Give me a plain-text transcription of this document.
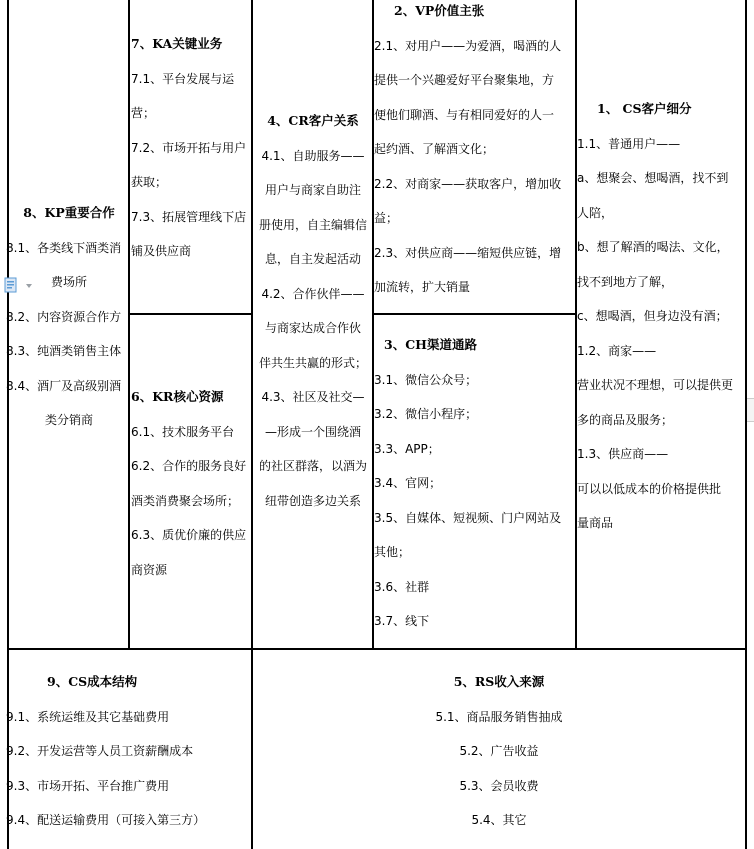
8、KP重要合作

8.1、各类线下酒类消

费场所

8.2、内容资源合作方

8.3、纯酒类销售主体

8.4、酒厂及高级别酒

类分销商

7、KA关键业务

7.1、平台发展与运

营；

7.2、市场开拓与用户

获取；

7.3、拓展管理线下店

铺及供应商

6、KR核心资源

6.1、技术服务平台

6.2、合作的服务良好

酒类消费聚会场所；

6.3、质优价廉的供应

商资源

4、CR客户关系

4.1、自助服务——

用户与商家自助注

册使用，自主编辑信

息，自主发起活动

4.2、合作伙伴——

与商家达成合作伙

伴共生共赢的形式；

4.3、社区及社交—

—形成一个围绕酒

的社区群落，以酒为

纽带创造多边关系

2、VP价值主张

2.1、对用户——为爱酒，喝酒的人

提供一个兴趣爱好平台聚集地，方

便他们聊酒、与有相同爱好的人一

起约酒、了解酒文化；

2.2、对商家——获取客户，增加收

益；

2.3、对供应商——缩短供应链，增

加流转，扩大销量

3、CH渠道通路

3.1、微信公众号；

3.2、微信小程序；

3.3、APP；

3.4、官网；

3.5、自媒体、短视频、门户网站及

其他；

3.6、社群

3.7、线下

1、 CS客户细分

1.1、普通用户——

a、想聚会、想喝酒，找不到

人陪，

b、想了解酒的喝法、文化，

找不到地方了解，

c、想喝酒，但身边没有酒；

1.2、商家——

营业状况不理想，可以提供更

多的商品及服务；

1.3、供应商——

可以以低成本的价格提供批

量商品

9、CS成本结构

9.1、系统运维及其它基础费用

9.2、开发运营等人员工资薪酬成本

9.3、市场开拓、平台推广费用

9.4、配送运输费用（可接入第三方）

5、RS收入来源

5.1、商品服务销售抽成

5.2、广告收益

5.3、会员收费

5.4、其它
